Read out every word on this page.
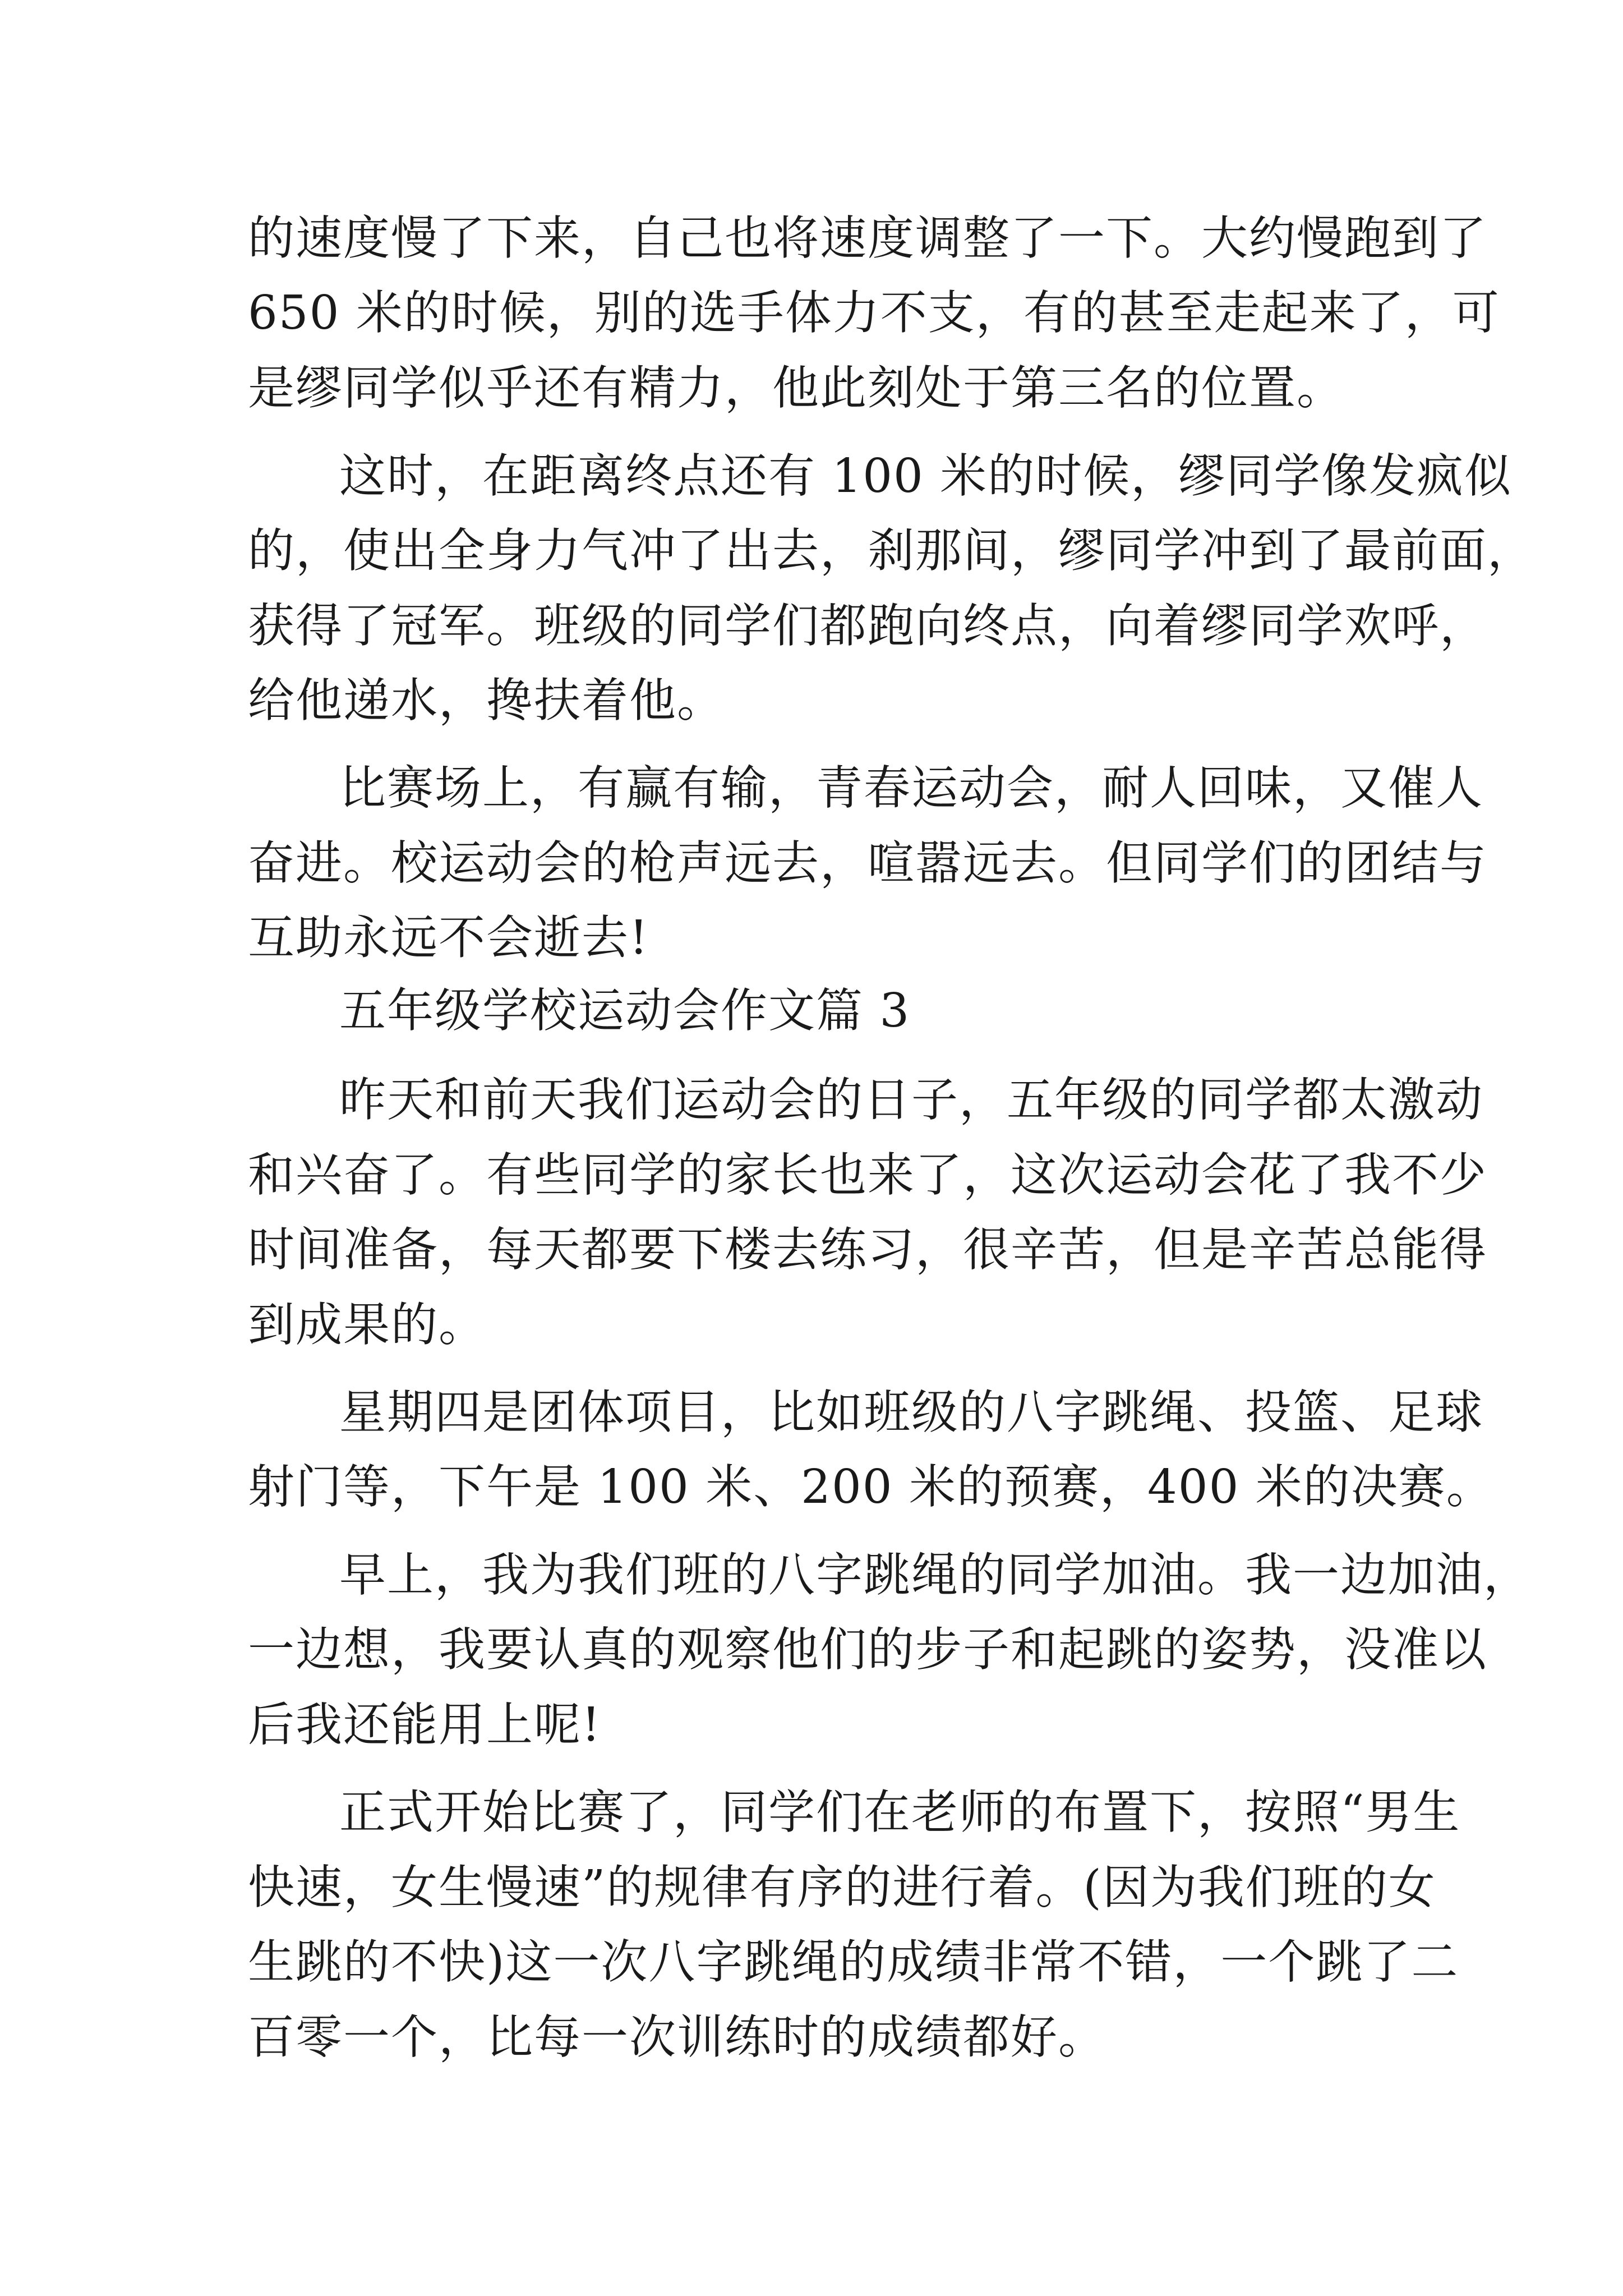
的速度慢了下来，自己也将速度调整了一下。大约慢跑到了

650 米的时候，别的选手体力不支，有的甚至走起来了，可

是缪同学似乎还有精力，他此刻处于第三名的位置。

这时，在距离终点还有 100 米的时候，缪同学像发疯似

的，使出全身力气冲了出去，刹那间，缪同学冲到了最前面，

获得了冠军。班级的同学们都跑向终点，向着缪同学欢呼，

给他递水，搀扶着他。

比赛场上，有赢有输，青春运动会，耐人回味，又催人

奋进。校运动会的枪声远去，喧嚣远去。但同学们的团结与

互助永远不会逝去!

五年级学校运动会作文篇 3

昨天和前天我们运动会的日子，五年级的同学都太激动

和兴奋了。有些同学的家长也来了，这次运动会花了我不少

时间准备，每天都要下楼去练习，很辛苦，但是辛苦总能得

到成果的。

星期四是团体项目，比如班级的八字跳绳、投篮、足球

射门等，下午是 100 米、200 米的预赛，400 米的决赛。

早上，我为我们班的八字跳绳的同学加油。我一边加油，

一边想，我要认真的观察他们的步子和起跳的姿势，没准以

后我还能用上呢!

正式开始比赛了，同学们在老师的布置下，按照“男生

快速，女生慢速”的规律有序的进行着。(因为我们班的女

生跳的不快)这一次八字跳绳的成绩非常不错，一个跳了二

百零一个，比每一次训练时的成绩都好。
